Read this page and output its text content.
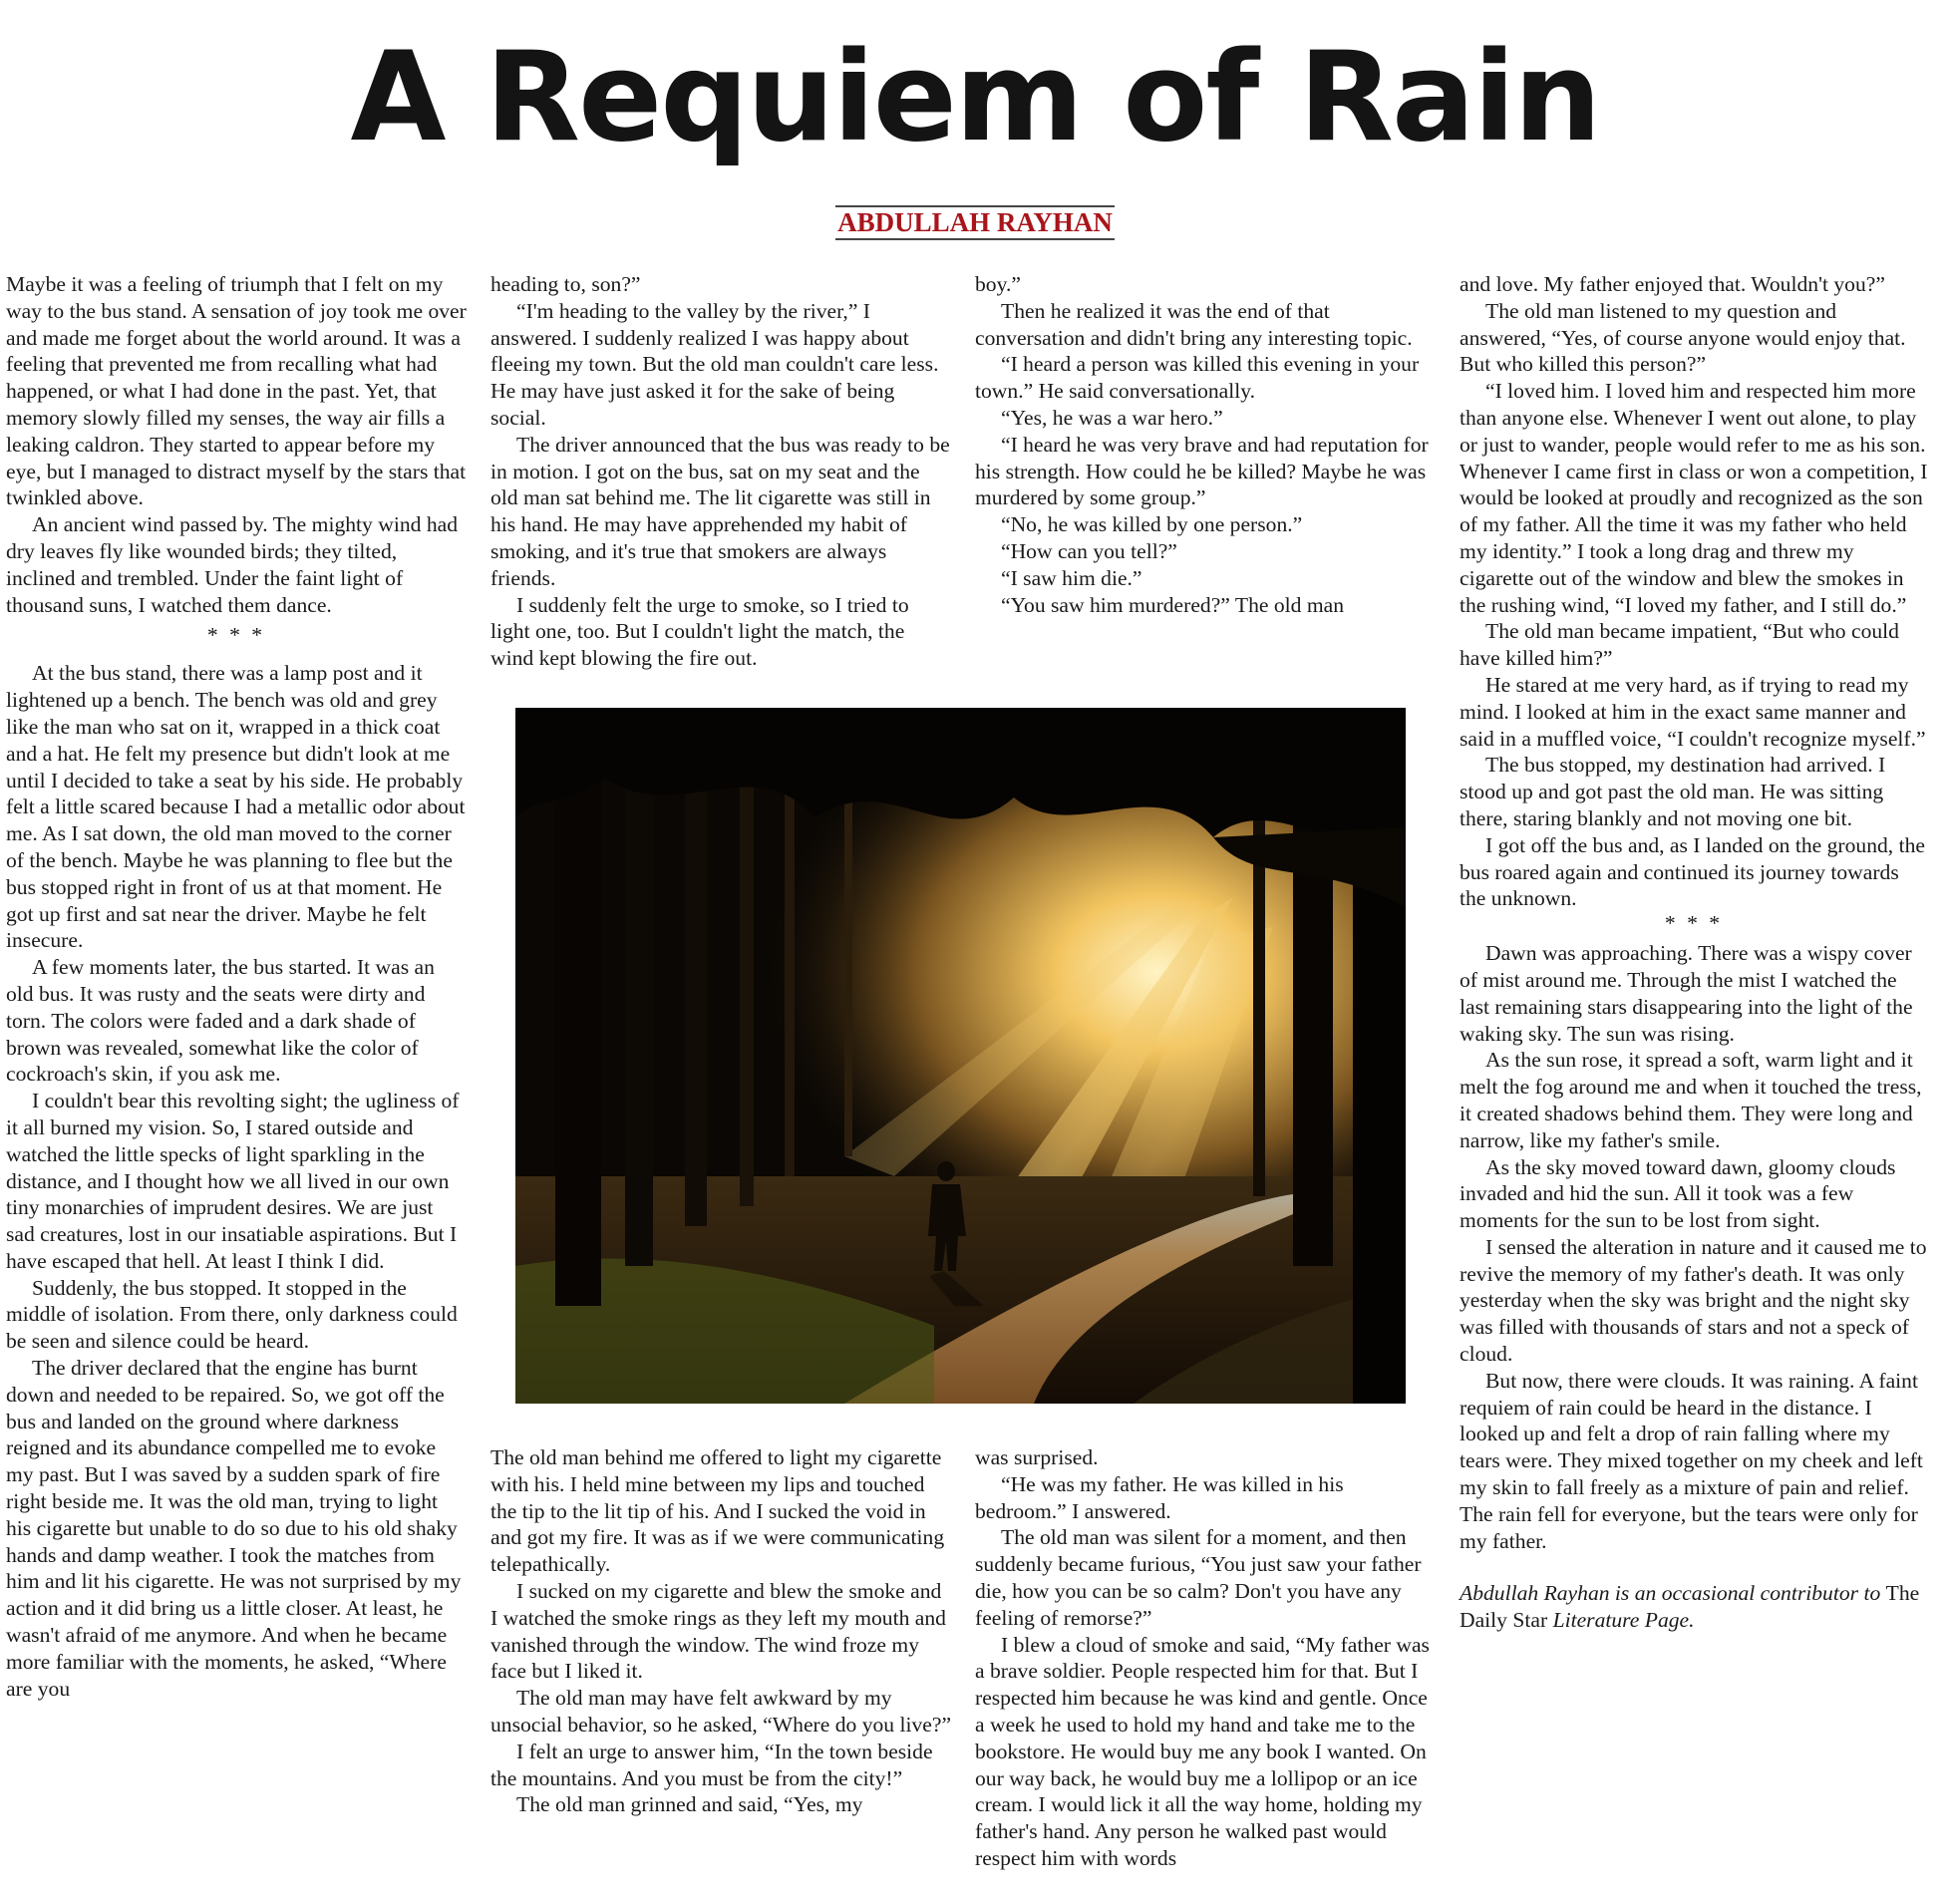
A Requiem of Rain
ABDULLAH RAYHAN

Maybe it was a feeling of triumph that I felt on my way to the bus stand. A sensation of joy took me over and made me forget about the world around. It was a feeling that prevented me from recalling what had happened, or what I had done in the past. Yet, that memory slowly filled my senses, the way air fills a leaking caldron. They started to appear before my eye, but I managed to distract myself by the stars that twinkled above.

An ancient wind passed by. The mighty wind had dry leaves fly like wounded birds; they tilted, inclined and trembled. Under the faint light of thousand suns, I watched them dance.

* * *

At the bus stand, there was a lamp post and it lightened up a bench. The bench was old and grey like the man who sat on it, wrapped in a thick coat and a hat. He felt my presence but didn't look at me until I decided to take a seat by his side. He probably felt a little scared because I had a metallic odor about me. As I sat down, the old man moved to the corner of the bench. Maybe he was planning to flee but the bus stopped right in front of us at that moment. He got up first and sat near the driver. Maybe he felt insecure.

A few moments later, the bus started. It was an old bus. It was rusty and the seats were dirty and torn. The colors were faded and a dark shade of brown was revealed, somewhat like the color of cockroach's skin, if you ask me.

I couldn't bear this revolting sight; the ugliness of it all burned my vision. So, I stared outside and watched the little specks of light sparkling in the distance, and I thought how we all lived in our own tiny monarchies of imprudent desires. We are just sad creatures, lost in our insatiable aspirations. But I have escaped that hell. At least I think I did.

Suddenly, the bus stopped. It stopped in the middle of isolation. From there, only darkness could be seen and silence could be heard.

The driver declared that the engine has burnt down and needed to be repaired. So, we got off the bus and landed on the ground where darkness reigned and its abundance compelled me to evoke my past. But I was saved by a sudden spark of fire right beside me. It was the old man, trying to light his cigarette but unable to do so due to his old shaky hands and damp weather. I took the matches from him and lit his cigarette. He was not surprised by my action and it did bring us a little closer. At least, he wasn't afraid of me anymore. And when he became more familiar with the moments, he asked, “Where are you

heading to, son?”

“I'm heading to the valley by the river,” I answered. I suddenly realized I was happy about fleeing my town. But the old man couldn't care less. He may have just asked it for the sake of being social.

The driver announced that the bus was ready to be in motion. I got on the bus, sat on my seat and the old man sat behind me. The lit cigarette was still in his hand. He may have apprehended my habit of smoking, and it's true that smokers are always friends.

I suddenly felt the urge to smoke, so I tried to light one, too. But I couldn't light the match, the wind kept blowing the fire out.

boy.”

Then he realized it was the end of that conversation and didn't bring any interesting topic.

“I heard a person was killed this evening in your town.” He said conversationally.

“Yes, he was a war hero.”

“I heard he was very brave and had reputation for his strength. How could he be killed? Maybe he was murdered by some group.”

“No, he was killed by one person.”

“How can you tell?”

“I saw him die.”

“You saw him murdered?” The old man

The old man behind me offered to light my cigarette with his. I held mine between my lips and touched the tip to the lit tip of his. And I sucked the void in and got my fire. It was as if we were communicating telepathically.

I sucked on my cigarette and blew the smoke and I watched the smoke rings as they left my mouth and vanished through the window. The wind froze my face but I liked it.

The old man may have felt awkward by my unsocial behavior, so he asked, “Where do you live?”

I felt an urge to answer him, “In the town beside the mountains. And you must be from the city!”

The old man grinned and said, “Yes, my

was surprised.

“He was my father. He was killed in his bedroom.” I answered.

The old man was silent for a moment, and then suddenly became furious, “You just saw your father die, how you can be so calm? Don't you have any feeling of remorse?”

I blew a cloud of smoke and said, “My father was a brave soldier. People respected him for that. But I respected him because he was kind and gentle. Once a week he used to hold my hand and take me to the bookstore. He would buy me any book I wanted. On our way back, he would buy me a lollipop or an ice cream. I would lick it all the way home, holding my father's hand. Any person he walked past would respect him with words

and love. My father enjoyed that. Wouldn't you?”

The old man listened to my question and answered, “Yes, of course anyone would enjoy that. But who killed this person?”

“I loved him. I loved him and respected him more than anyone else. Whenever I went out alone, to play or just to wander, people would refer to me as his son. Whenever I came first in class or won a competition, I would be looked at proudly and recognized as the son of my father. All the time it was my father who held my identity.” I took a long drag and threw my cigarette out of the window and blew the smokes in the rushing wind, “I loved my father, and I still do.”

The old man became impatient, “But who could have killed him?”

He stared at me very hard, as if trying to read my mind. I looked at him in the exact same manner and said in a muffled voice, “I couldn't recognize myself.”

The bus stopped, my destination had arrived. I stood up and got past the old man. He was sitting there, staring blankly and not moving one bit.

I got off the bus and, as I landed on the ground, the bus roared again and continued its journey towards the unknown.

* * *

Dawn was approaching. There was a wispy cover of mist around me. Through the mist I watched the last remaining stars disappearing into the light of the waking sky. The sun was rising.

As the sun rose, it spread a soft, warm light and it melt the fog around me and when it touched the tress, it created shadows behind them. They were long and narrow, like my father's smile.

As the sky moved toward dawn, gloomy clouds invaded and hid the sun. All it took was a few moments for the sun to be lost from sight.

I sensed the alteration in nature and it caused me to revive the memory of my father's death. It was only yesterday when the sky was bright and the night sky was filled with thousands of stars and not a speck of cloud.

But now, there were clouds. It was raining. A faint requiem of rain could be heard in the distance. I looked up and felt a drop of rain falling where my tears were. They mixed together on my cheek and left my skin to fall freely as a mixture of pain and relief. The rain fell for everyone, but the tears were only for my father.

Abdullah Rayhan is an occasional contributor to The Daily Star Literature Page.
